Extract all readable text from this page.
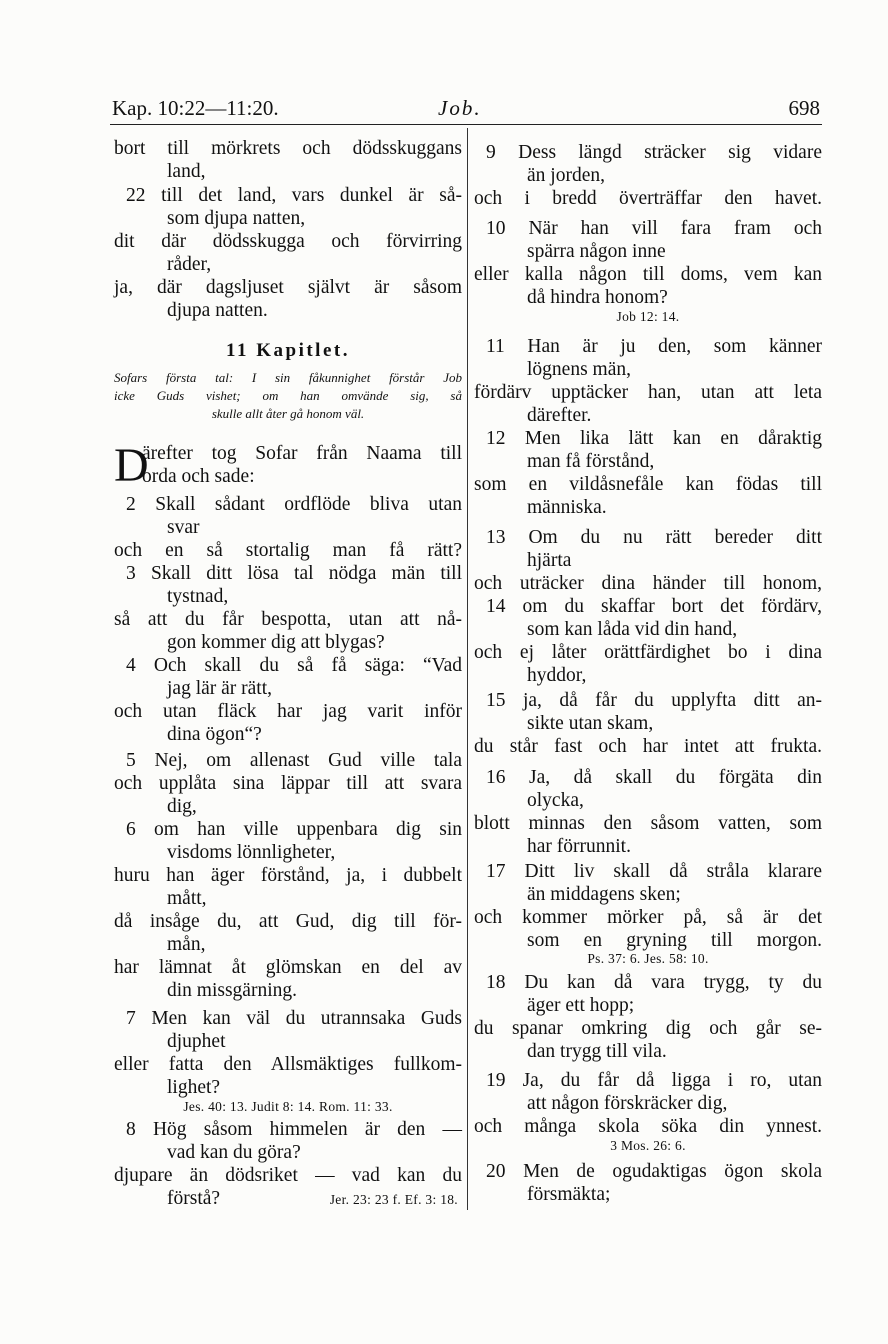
Kap. 10:22—11:20.	Job.	698
bort till mörkrets och dödsskuggans
land,
22 till det land, vars dunkel är så-
som djupa natten,
dit där dödsskugga och förvirring
råder,
ja, där dagsljuset självt är såsom
djupa natten.
11 Kapitlet.
Sofars första tal: I sin fåkunnighet förstår Job
icke Guds vishet; om han omvände sig, så
skulle allt åter gå honom väl.
D
ärefter tog Sofar från Naama till
orda och sade:
2 Skall sådant ordflöde bliva utan
svar
och en så stortalig man få rätt?
3 Skall ditt lösa tal nödga män till
tystnad,
så att du får bespotta, utan att nå-
gon kommer dig att blygas?
4 Och skall du så få säga: “Vad
jag lär är rätt,
och utan fläck har jag varit inför
dina ögon“?
5 Nej, om allenast Gud ville tala
och upplåta sina läppar till att svara
dig,
6 om han ville uppenbara dig sin
visdoms lönnligheter,
huru han äger förstånd, ja, i dubbelt
mått,
då insåge du, att Gud, dig till för-
mån,
har lämnat åt glömskan en del av
din missgärning.
7 Men kan väl du utrannsaka Guds
djuphet
eller fatta den Allsmäktiges fullkom-
lighet?
Jes. 40: 13. Judit 8: 14. Rom. 11: 33.
8 Hög såsom himmelen är den —
vad kan du göra?
djupare än dödsriket — vad kan du
förstå?	Jer. 23: 23 f. Ef. 3: 18.
9 Dess längd sträcker sig vidare
än jorden,
och i bredd överträffar den havet.
10 När han vill fara fram och
spärra någon inne
eller kalla någon till doms, vem kan
då hindra honom?
Job 12: 14.
11 Han är ju den, som känner
lögnens män,
fördärv upptäcker han, utan att leta
därefter.
12 Men lika lätt kan en dåraktig
man få förstånd,
som en vildåsnefåle kan födas till
människa.
13 Om du nu rätt bereder ditt
hjärta
och uträcker dina händer till honom,
14 om du skaffar bort det fördärv,
som kan låda vid din hand,
och ej låter orättfärdighet bo i dina
hyddor,
15 ja, då får du upplyfta ditt an-
sikte utan skam,
du står fast och har intet att frukta.
16 Ja, då skall du förgäta din
olycka,
blott minnas den såsom vatten, som
har förrunnit.
17 Ditt liv skall då stråla klarare
än middagens sken;
och kommer mörker på, så är det
som en gryning till morgon.
Ps. 37: 6. Jes. 58: 10.
18 Du kan då vara trygg, ty du
äger ett hopp;
du spanar omkring dig och går se-
dan trygg till vila.
19 Ja, du får då ligga i ro, utan
att någon förskräcker dig,
och många skola söka din ynnest.
3 Mos. 26: 6.
20 Men de ogudaktigas ögon skola
försmäkta;
